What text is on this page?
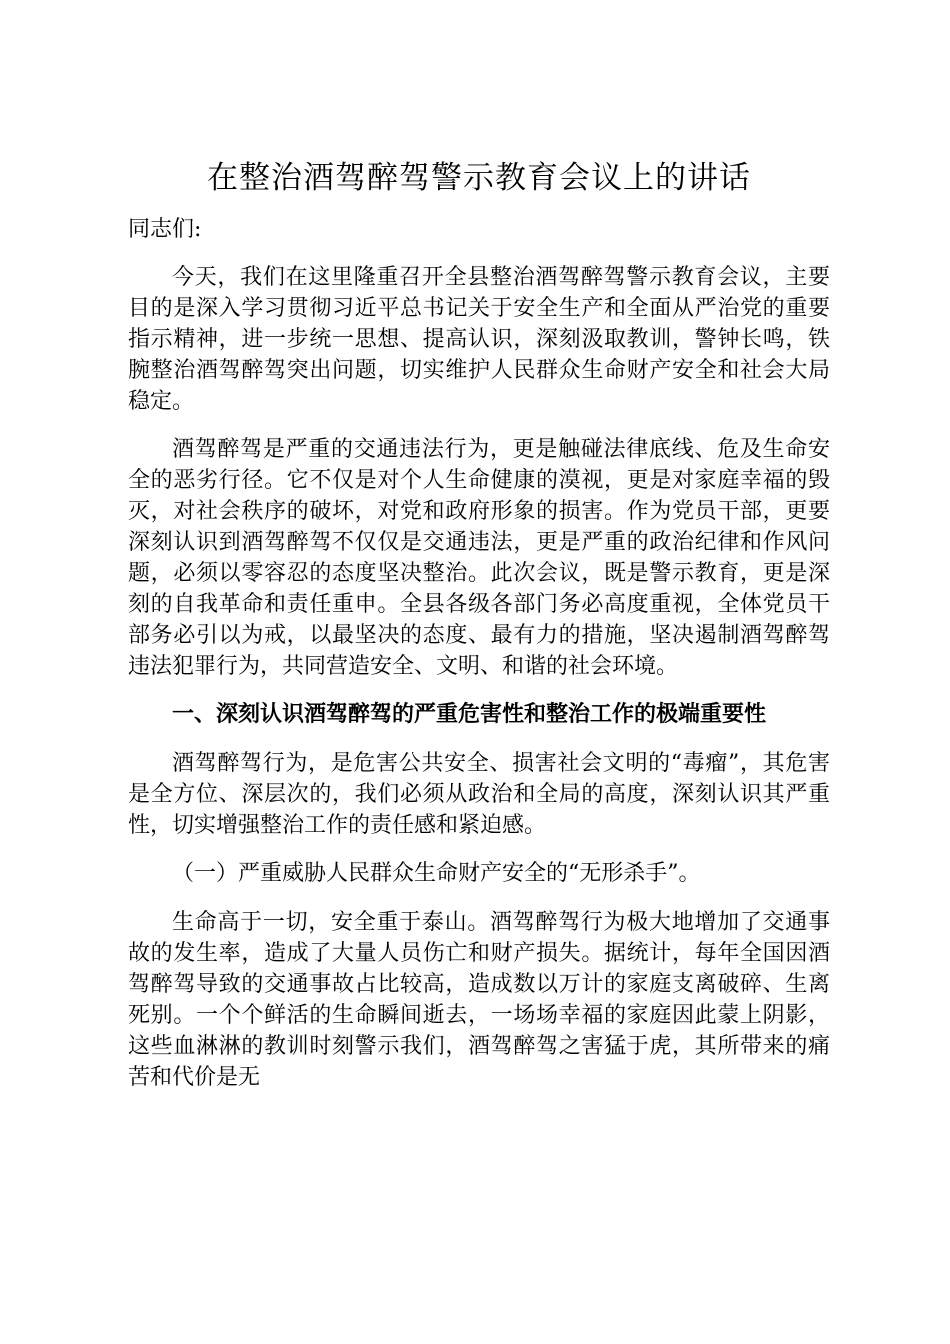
在整治酒驾醉驾警示教育会议上的讲话

同志们:

今天，我们在这里隆重召开全县整治酒驾醉驾警示教育会议，主要目的是深入学习贯彻习近平总书记关于安全生产和全面从严治党的重要指示精神，进一步统一思想、提高认识，深刻汲取教训，警钟长鸣，铁腕整治酒驾醉驾突出问题，切实维护人民群众生命财产安全和社会大局稳定。

酒驾醉驾是严重的交通违法行为，更是触碰法律底线、危及生命安全的恶劣行径。它不仅是对个人生命健康的漠视，更是对家庭幸福的毁灭，对社会秩序的破坏，对党和政府形象的损害。作为党员干部，更要深刻认识到酒驾醉驾不仅仅是交通违法，更是严重的政治纪律和作风问题，必须以零容忍的态度坚决整治。此次会议，既是警示教育，更是深刻的自我革命和责任重申。全县各级各部门务必高度重视，全体党员干部务必引以为戒，以最坚决的态度、最有力的措施，坚决遏制酒驾醉驾违法犯罪行为，共同营造安全、文明、和谐的社会环境。

一、深刻认识酒驾醉驾的严重危害性和整治工作的极端重要性

酒驾醉驾行为，是危害公共安全、损害社会文明的“毒瘤”，其危害是全方位、深层次的，我们必须从政治和全局的高度，深刻认识其严重性，切实增强整治工作的责任感和紧迫感。

（一）严重威胁人民群众生命财产安全的“无形杀手”。

生命高于一切，安全重于泰山。酒驾醉驾行为极大地增加了交通事故的发生率，造成了大量人员伤亡和财产损失。据统计，每年全国因酒驾醉驾导致的交通事故占比较高，造成数以万计的家庭支离破碎、生离死别。一个个鲜活的生命瞬间逝去，一场场幸福的家庭因此蒙上阴影，这些血淋淋的教训时刻警示我们，酒驾醉驾之害猛于虎，其所带来的痛苦和代价是无
